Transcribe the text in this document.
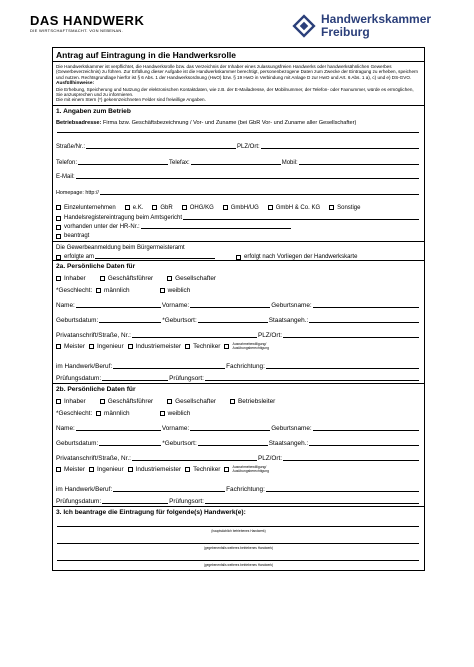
DAS HANDWERK
DIE WIRTSCHAFTSMACHT. VON NEBENAN.
Handwerkskammer
Freiburg
Antrag auf Eintragung in die Handwerksrolle
Die Handwerkskammer ist verpflichtet, die Handwerksrolle bzw. das Verzeichnis der Inhaber eines zulassungsfreien Handwerks oder handwerksähnlichen Gewerbes (Gewerbeverzeichnis) zu führen. Zur Erfüllung dieser Aufgabe ist die Handwerkskammer berechtigt, personenbezogene Daten zum Zwecke der Eintragung zu erheben, speichern und nutzen. Rechtsgrundlage hierfür ist § 6 Abs. 1 der Handwerksordnung (HwO) bzw. § 19 HwO in Verbindung mit Anlage D zur HwO und Art. 6 Abs. 1 a), c) und e) DS-GVO.
Ausfüllhinweise:
Die Erhebung, Speicherung und Nutzung der elektronischen Kontaktdaten, wie z.B. der E-Mailadresse, der Mobilnummer, der Telefon- oder Faxnummer, würde es ermöglichen, Sie anzusprechen und zu informieren.
Die mit einem Stern (*) gekennzeichneten Felder sind freiwillige Angaben.
1. Angaben zum Betrieb
Betriebsadresse:
Firma bzw. Geschäftsbezeichnung / Vor- und Zuname (bei GbR Vor- und Zuname aller Gesellschafter)
Straße/Nr.:	PLZ/Ort:
Telefon:	Telefax:	Mobil:
E-Mail:
Homepage: http://
Einzelunternehmen	e.K.	GbR	OHG/KG	GmbH/UG	GmbH & Co. KG	Sonstige
Handelsregistereintragung beim Amtsgericht
vorhanden unter der HR-Nr.:
beantragt
Die Gewerbeanmeldung beim Bürgermeisteramt
erfolgte am	erfolgt nach Vorliegen der Handwerkskarte
2a. Persönliche Daten für
Inhaber	Geschäftsführer	Gesellschafter
*Geschlecht:	männlich	weiblich
Name:	Vorname:	Geburtsname:
Geburtsdatum:	*Geburtsort:	Staatsangeh.:
Privatanschrift/Straße, Nr.:	PLZ/Ort:
Meister Ingenieur Industriemeister Techniker	Ausnahmebewilligung/ Ausübungsberechtigung
im Handwerk/Beruf:	Fachrichtung:
Prüfungsdatum:	Prüfungsort:
2b. Persönliche Daten für
Inhaber	Geschäftsführer	Gesellschafter	Betriebsleiter
*Geschlecht:	männlich	weiblich
Name:	Vorname:	Geburtsname:
Geburtsdatum:	*Geburtsort:	Staatsangeh.:
Privatanschrift/Straße, Nr.:	PLZ/Ort:
Meister Ingenieur Industriemeister Techniker	Ausnahmebewilligung/ Ausübungsberechtigung
im Handwerk/Beruf:	Fachrichtung:
Prüfungsdatum:	Prüfungsort:
3. Ich beantrage die Eintragung für folgende(s) Handwerk(e):
(hauptsächlich betriebenes Handwerk)
(gegebenenfalls weiteres betriebenes Handwerk)
(gegebenenfalls weiteres betriebenes Handwerk)
